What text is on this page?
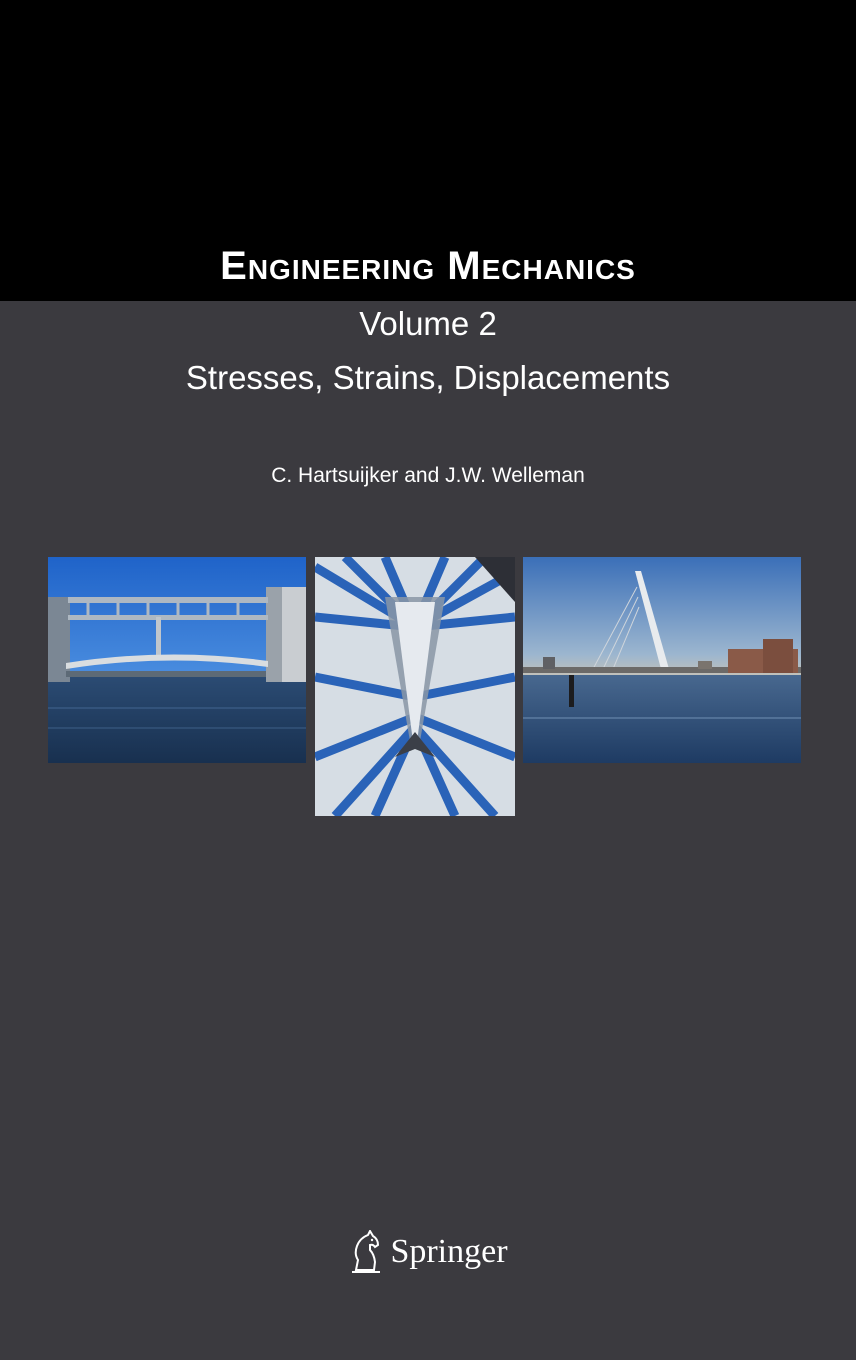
Engineering Mechanics
Volume 2
Stresses, Strains, Displacements
C. Hartsuijker and J.W. Welleman
Springer
